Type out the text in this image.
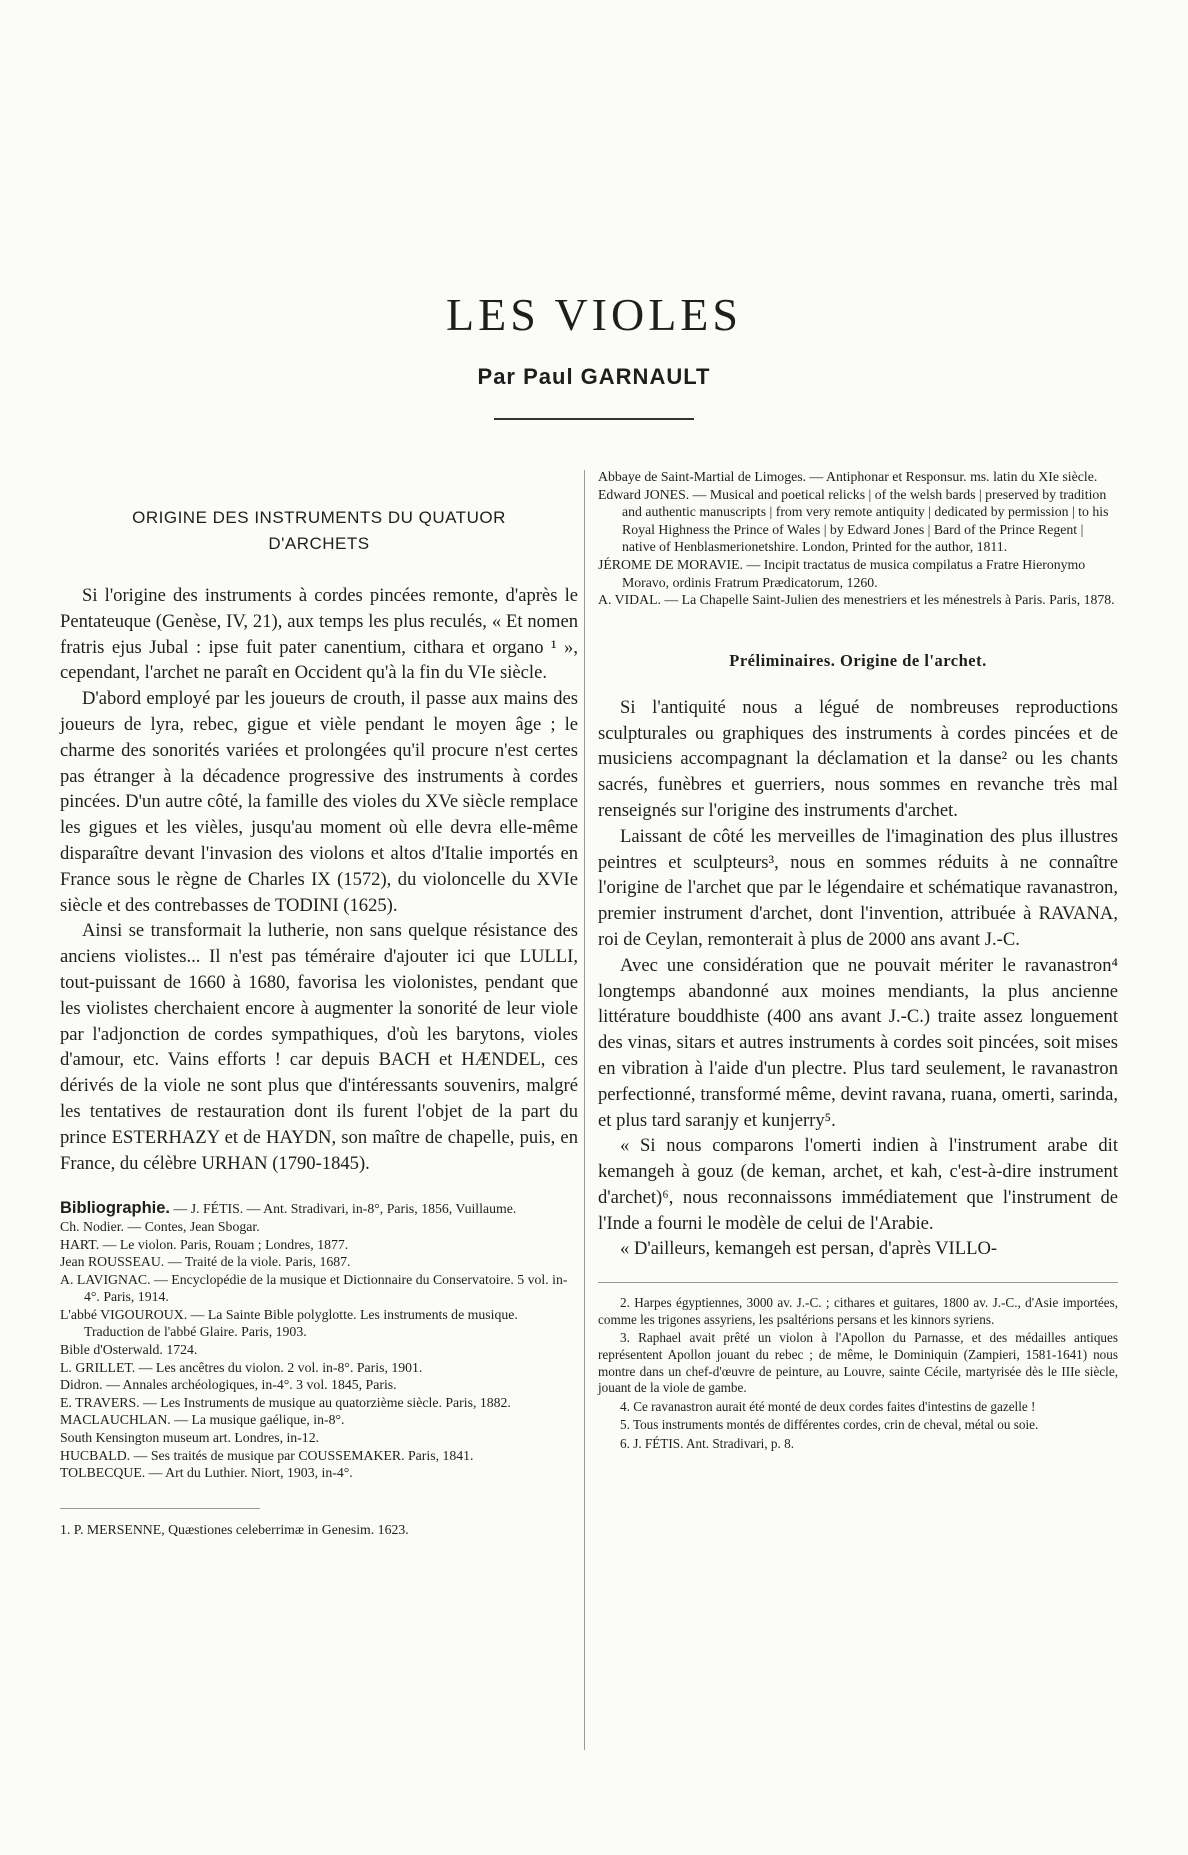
LES VIOLES
Par Paul GARNAULT
ORIGINE DES INSTRUMENTS DU QUATUOR
D'ARCHETS

Si l'origine des instruments à cordes pincées remonte, d'après le Pentateuque (Genèse, IV, 21), aux temps les plus reculés, « Et nomen fratris ejus Jubal : ipse fuit pater canentium, cithara et organo ¹ », cependant, l'archet ne paraît en Occident qu'à la fin du VIe siècle.

D'abord employé par les joueurs de crouth, il passe aux mains des joueurs de lyra, rebec, gigue et vièle pendant le moyen âge ; le charme des sonorités variées et prolongées qu'il procure n'est certes pas étranger à la décadence progressive des instruments à cordes pincées. D'un autre côté, la famille des violes du XVe siècle remplace les gigues et les vièles, jusqu'au moment où elle devra elle-même disparaître devant l'invasion des violons et altos d'Italie importés en France sous le règne de Charles IX (1572), du violoncelle du XVIe siècle et des contrebasses de TODINI (1625).

Ainsi se transformait la lutherie, non sans quelque résistance des anciens violistes... Il n'est pas téméraire d'ajouter ici que LULLI, tout-puissant de 1660 à 1680, favorisa les violonistes, pendant que les violistes cherchaient encore à augmenter la sonorité de leur viole par l'adjonction de cordes sympathiques, d'où les barytons, violes d'amour, etc. Vains efforts ! car depuis BACH et HÆNDEL, ces dérivés de la viole ne sont plus que d'intéressants souvenirs, malgré les tentatives de restauration dont ils furent l'objet de la part du prince ESTERHAZY et de HAYDN, son maître de chapelle, puis, en France, du célèbre URHAN (1790-1845).

Bibliographie. — J. FÉTIS. — Ant. Stradivari, in-8°, Paris, 1856, Vuillaume.

Ch. Nodier. — Contes, Jean Sbogar.

HART. — Le violon. Paris, Rouam ; Londres, 1877.

Jean ROUSSEAU. — Traité de la viole. Paris, 1687.

A. LAVIGNAC. — Encyclopédie de la musique et Dictionnaire du Conservatoire. 5 vol. in-4°. Paris, 1914.

L'abbé VIGOUROUX. — La Sainte Bible polyglotte. Les instruments de musique. Traduction de l'abbé Glaire. Paris, 1903.

Bible d'Osterwald. 1724.

L. GRILLET. — Les ancêtres du violon. 2 vol. in-8°. Paris, 1901.

Didron. — Annales archéologiques, in-4°. 3 vol. 1845, Paris.

E. TRAVERS. — Les Instruments de musique au quatorzième siècle. Paris, 1882.

MACLAUCHLAN. — La musique gaélique, in-8°.

South Kensington museum art. Londres, in-12.

HUCBALD. — Ses traités de musique par COUSSEMAKER. Paris, 1841.

TOLBECQUE. — Art du Luthier. Niort, 1903, in-4°.

1. P. MERSENNE, Quæstiones celeberrimæ in Genesim. 1623.

Abbaye de Saint-Martial de Limoges. — Antiphonar et Responsur. ms. latin du XIe siècle.

Edward JONES. — Musical and poetical relicks | of the welsh bards | preserved by tradition and authentic manuscripts | from very remote antiquity | dedicated by permission | to his Royal Highness the Prince of Wales | by Edward Jones | Bard of the Prince Regent | native of Henblasmerionetshire. London, Printed for the author, 1811.

JÉROME DE MORAVIE. — Incipit tractatus de musica compilatus a Fratre Hieronymo Moravo, ordinis Fratrum Prædicatorum, 1260.

A. VIDAL. — La Chapelle Saint-Julien des menestriers et les ménestrels à Paris. Paris, 1878.

Préliminaires. Origine de l'archet.

Si l'antiquité nous a légué de nombreuses reproductions sculpturales ou graphiques des instruments à cordes pincées et de musiciens accompagnant la déclamation et la danse² ou les chants sacrés, funèbres et guerriers, nous sommes en revanche très mal renseignés sur l'origine des instruments d'archet.

Laissant de côté les merveilles de l'imagination des plus illustres peintres et sculpteurs³, nous en sommes réduits à ne connaître l'origine de l'archet que par le légendaire et schématique ravanastron, premier instrument d'archet, dont l'invention, attribuée à RAVANA, roi de Ceylan, remonterait à plus de 2000 ans avant J.-C.

Avec une considération que ne pouvait mériter le ravanastron⁴ longtemps abandonné aux moines mendiants, la plus ancienne littérature bouddhiste (400 ans avant J.-C.) traite assez longuement des vinas, sitars et autres instruments à cordes soit pincées, soit mises en vibration à l'aide d'un plectre. Plus tard seulement, le ravanastron perfectionné, transformé même, devint ravana, ruana, omerti, sarinda, et plus tard saranjy et kunjerry⁵.

« Si nous comparons l'omerti indien à l'instrument arabe dit kemangeh à gouz (de keman, archet, et kah, c'est-à-dire instrument d'archet)⁶, nous reconnaissons immédiatement que l'instrument de l'Inde a fourni le modèle de celui de l'Arabie.

« D'ailleurs, kemangeh est persan, d'après VILLO-

2. Harpes égyptiennes, 3000 av. J.-C. ; cithares et guitares, 1800 av. J.-C., d'Asie importées, comme les trigones assyriens, les psaltérions persans et les kinnors syriens.

3. Raphael avait prêté un violon à l'Apollon du Parnasse, et des médailles antiques représentent Apollon jouant du rebec ; de même, le Dominiquin (Zampieri, 1581-1641) nous montre dans un chef-d'œuvre de peinture, au Louvre, sainte Cécile, martyrisée dès le IIIe siècle, jouant de la viole de gambe.

4. Ce ravanastron aurait été monté de deux cordes faites d'intestins de gazelle !

5. Tous instruments montés de différentes cordes, crin de cheval, métal ou soie.

6. J. FÉTIS. Ant. Stradivari, p. 8.
